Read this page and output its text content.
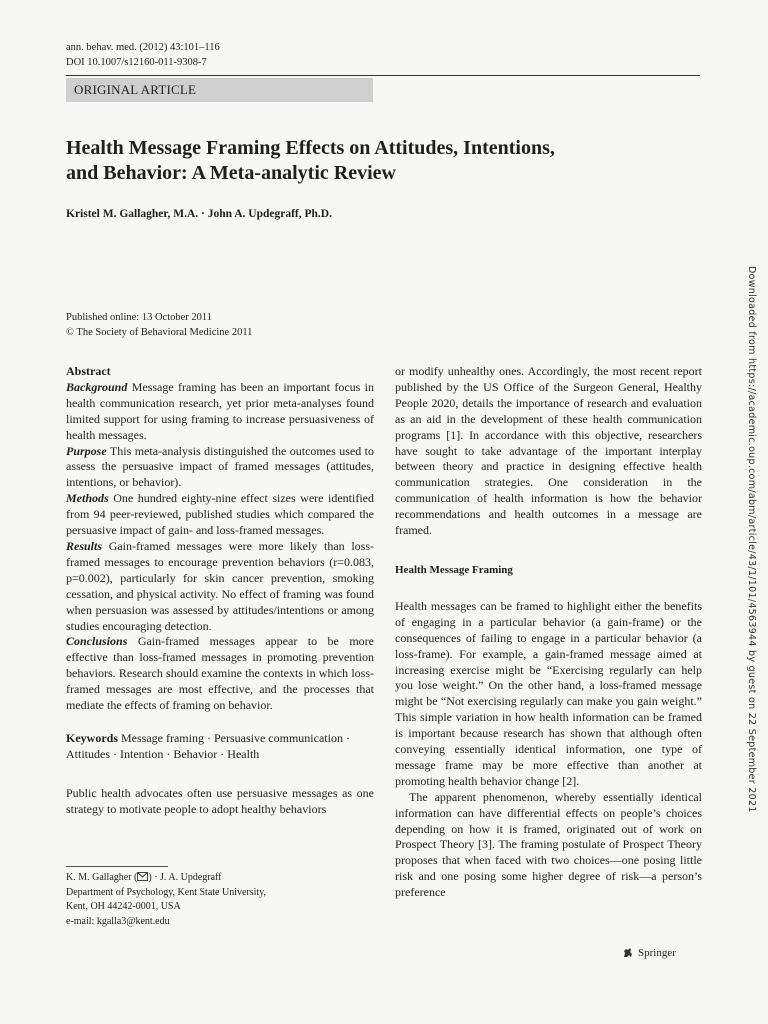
ann. behav. med. (2012) 43:101–116
DOI 10.1007/s12160-011-9308-7
ORIGINAL ARTICLE
Health Message Framing Effects on Attitudes, Intentions,
and Behavior: A Meta-analytic Review
Kristel M. Gallagher, M.A. · John A. Updegraff, Ph.D.
Published online: 13 October 2011
© The Society of Behavioral Medicine 2011

Abstract

Background Message framing has been an important focus in health communication research, yet prior meta-analyses found limited support for using framing to increase persuasiveness of health messages.

Purpose This meta-analysis distinguished the outcomes used to assess the persuasive impact of framed messages (attitudes, intentions, or behavior).

Methods One hundred eighty-nine effect sizes were identified from 94 peer-reviewed, published studies which compared the persuasive impact of gain- and loss-framed messages.

Results Gain-framed messages were more likely than loss-framed messages to encourage prevention behaviors (r=0.083, p=0.002), particularly for skin cancer prevention, smoking cessation, and physical activity. No effect of framing was found when persuasion was assessed by attitudes/intentions or among studies encouraging detection.

Conclusions Gain-framed messages appear to be more effective than loss-framed messages in promoting prevention behaviors. Research should examine the contexts in which loss-framed messages are most effective, and the processes that mediate the effects of framing on behavior.

Keywords Message framing · Persuasive communication · Attitudes · Intention · Behavior · Health

Public health advocates often use persuasive messages as one strategy to motivate people to adopt healthy behaviors

or modify unhealthy ones. Accordingly, the most recent report published by the US Office of the Surgeon General, Healthy People 2020, details the importance of research and evaluation as an aid in the development of these health communication programs [1]. In accordance with this objective, researchers have sought to take advantage of the important interplay between theory and practice in designing effective health communication strategies. One consideration in the communication of health information is how the behavior recommendations and health outcomes in a message are framed.

Health Message Framing

Health messages can be framed to highlight either the benefits of engaging in a particular behavior (a gain-frame) or the consequences of failing to engage in a particular behavior (a loss-frame). For example, a gain-framed message aimed at increasing exercise might be “Exercising regularly can help you lose weight.” On the other hand, a loss-framed message might be “Not exercising regularly can make you gain weight.” This simple variation in how health information can be framed is important because research has shown that although often conveying essentially identical information, one type of message frame may be more effective than another at promoting health behavior change [2].

The apparent phenomenon, whereby essentially identical information can have differential effects on people’s choices depending on how it is framed, originated out of work on Prospect Theory [3]. The framing postulate of Prospect Theory proposes that when faced with two choices—one posing little risk and one posing some higher degree of risk—a person’s preference

K. M. Gallagher ( ) · J. A. Updegraff
Department of Psychology, Kent State University,
Kent, OH 44242-0001, USA
e-mail: kgalla3@kent.edu
Springer
Downloaded from https://academic.oup.com/abm/article/43/1/101/4563944 by guest on 22 September 2021
